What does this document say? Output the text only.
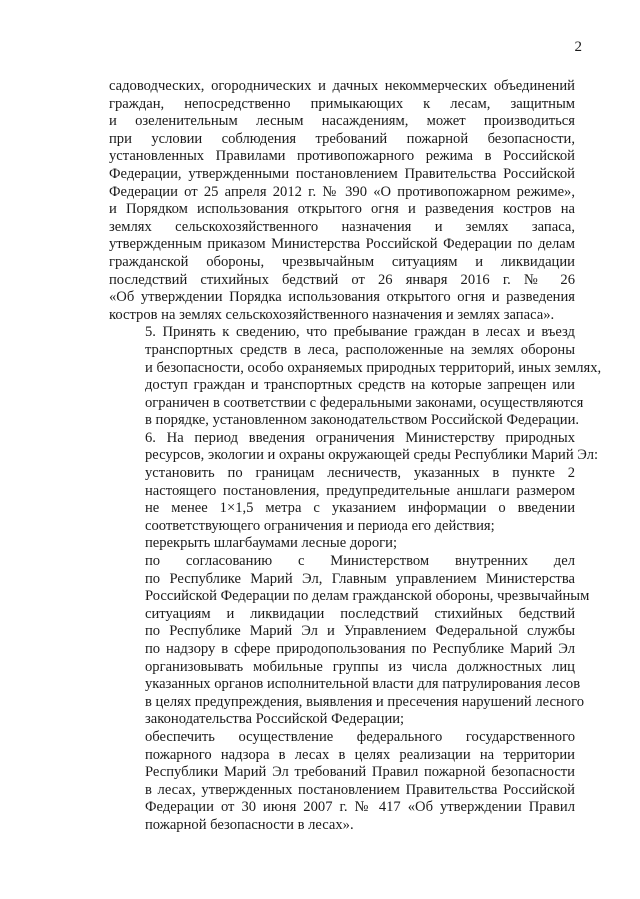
2

садоводческих, огороднических и дачных некоммерческих объединений
граждан, непосредственно примыкающих к лесам, защитным
и озеленительным лесным насаждениям, может производиться
при условии соблюдения требований пожарной безопасности,
установленных Правилами противопожарного режима в Российской
Федерации, утвержденными постановлением Правительства Российской
Федерации от 25 апреля 2012 г. № 390 «О противопожарном режиме»,
и Порядком использования открытого огня и разведения костров на
землях сельскохозяйственного назначения и землях запаса,
утвержденным приказом Министерства Российской Федерации по делам
гражданской обороны, чрезвычайным ситуациям и ликвидации
последствий стихийных бедствий от 26 января 2016 г. № 26
«Об утверждении Порядка использования открытого огня и разведения
костров на землях сельскохозяйственного назначения и землях запаса».

5. Принять к сведению, что пребывание граждан в лесах и въезд
транспортных средств в леса, расположенные на землях обороны
и безопасности, особо охраняемых природных территорий, иных землях,
доступ граждан и транспортных средств на которые запрещен или
ограничен в соответствии с федеральными законами, осуществляются
в порядке, установленном законодательством Российской Федерации.

6. На период введения ограничения Министерству природных
ресурсов, экологии и охраны окружающей среды Республики Марий Эл:

установить по границам лесничеств, указанных в пункте 2
настоящего постановления, предупредительные аншлаги размером
не менее 1×1,5 метра с указанием информации о введении
соответствующего ограничения и периода его действия;

перекрыть шлагбаумами лесные дороги;

по согласованию с Министерством внутренних дел
по Республике Марий Эл, Главным управлением Министерства
Российской Федерации по делам гражданской обороны, чрезвычайным
ситуациям и ликвидации последствий стихийных бедствий
по Республике Марий Эл и Управлением Федеральной службы
по надзору в сфере природопользования по Республике Марий Эл
организовывать мобильные группы из числа должностных лиц
указанных органов исполнительной власти для патрулирования лесов
в целях предупреждения, выявления и пресечения нарушений лесного
законодательства Российской Федерации;

обеспечить осуществление федерального государственного
пожарного надзора в лесах в целях реализации на территории
Республики Марий Эл требований Правил пожарной безопасности
в лесах, утвержденных постановлением Правительства Российской
Федерации от 30 июня 2007 г. № 417 «Об утверждении Правил
пожарной безопасности в лесах».
